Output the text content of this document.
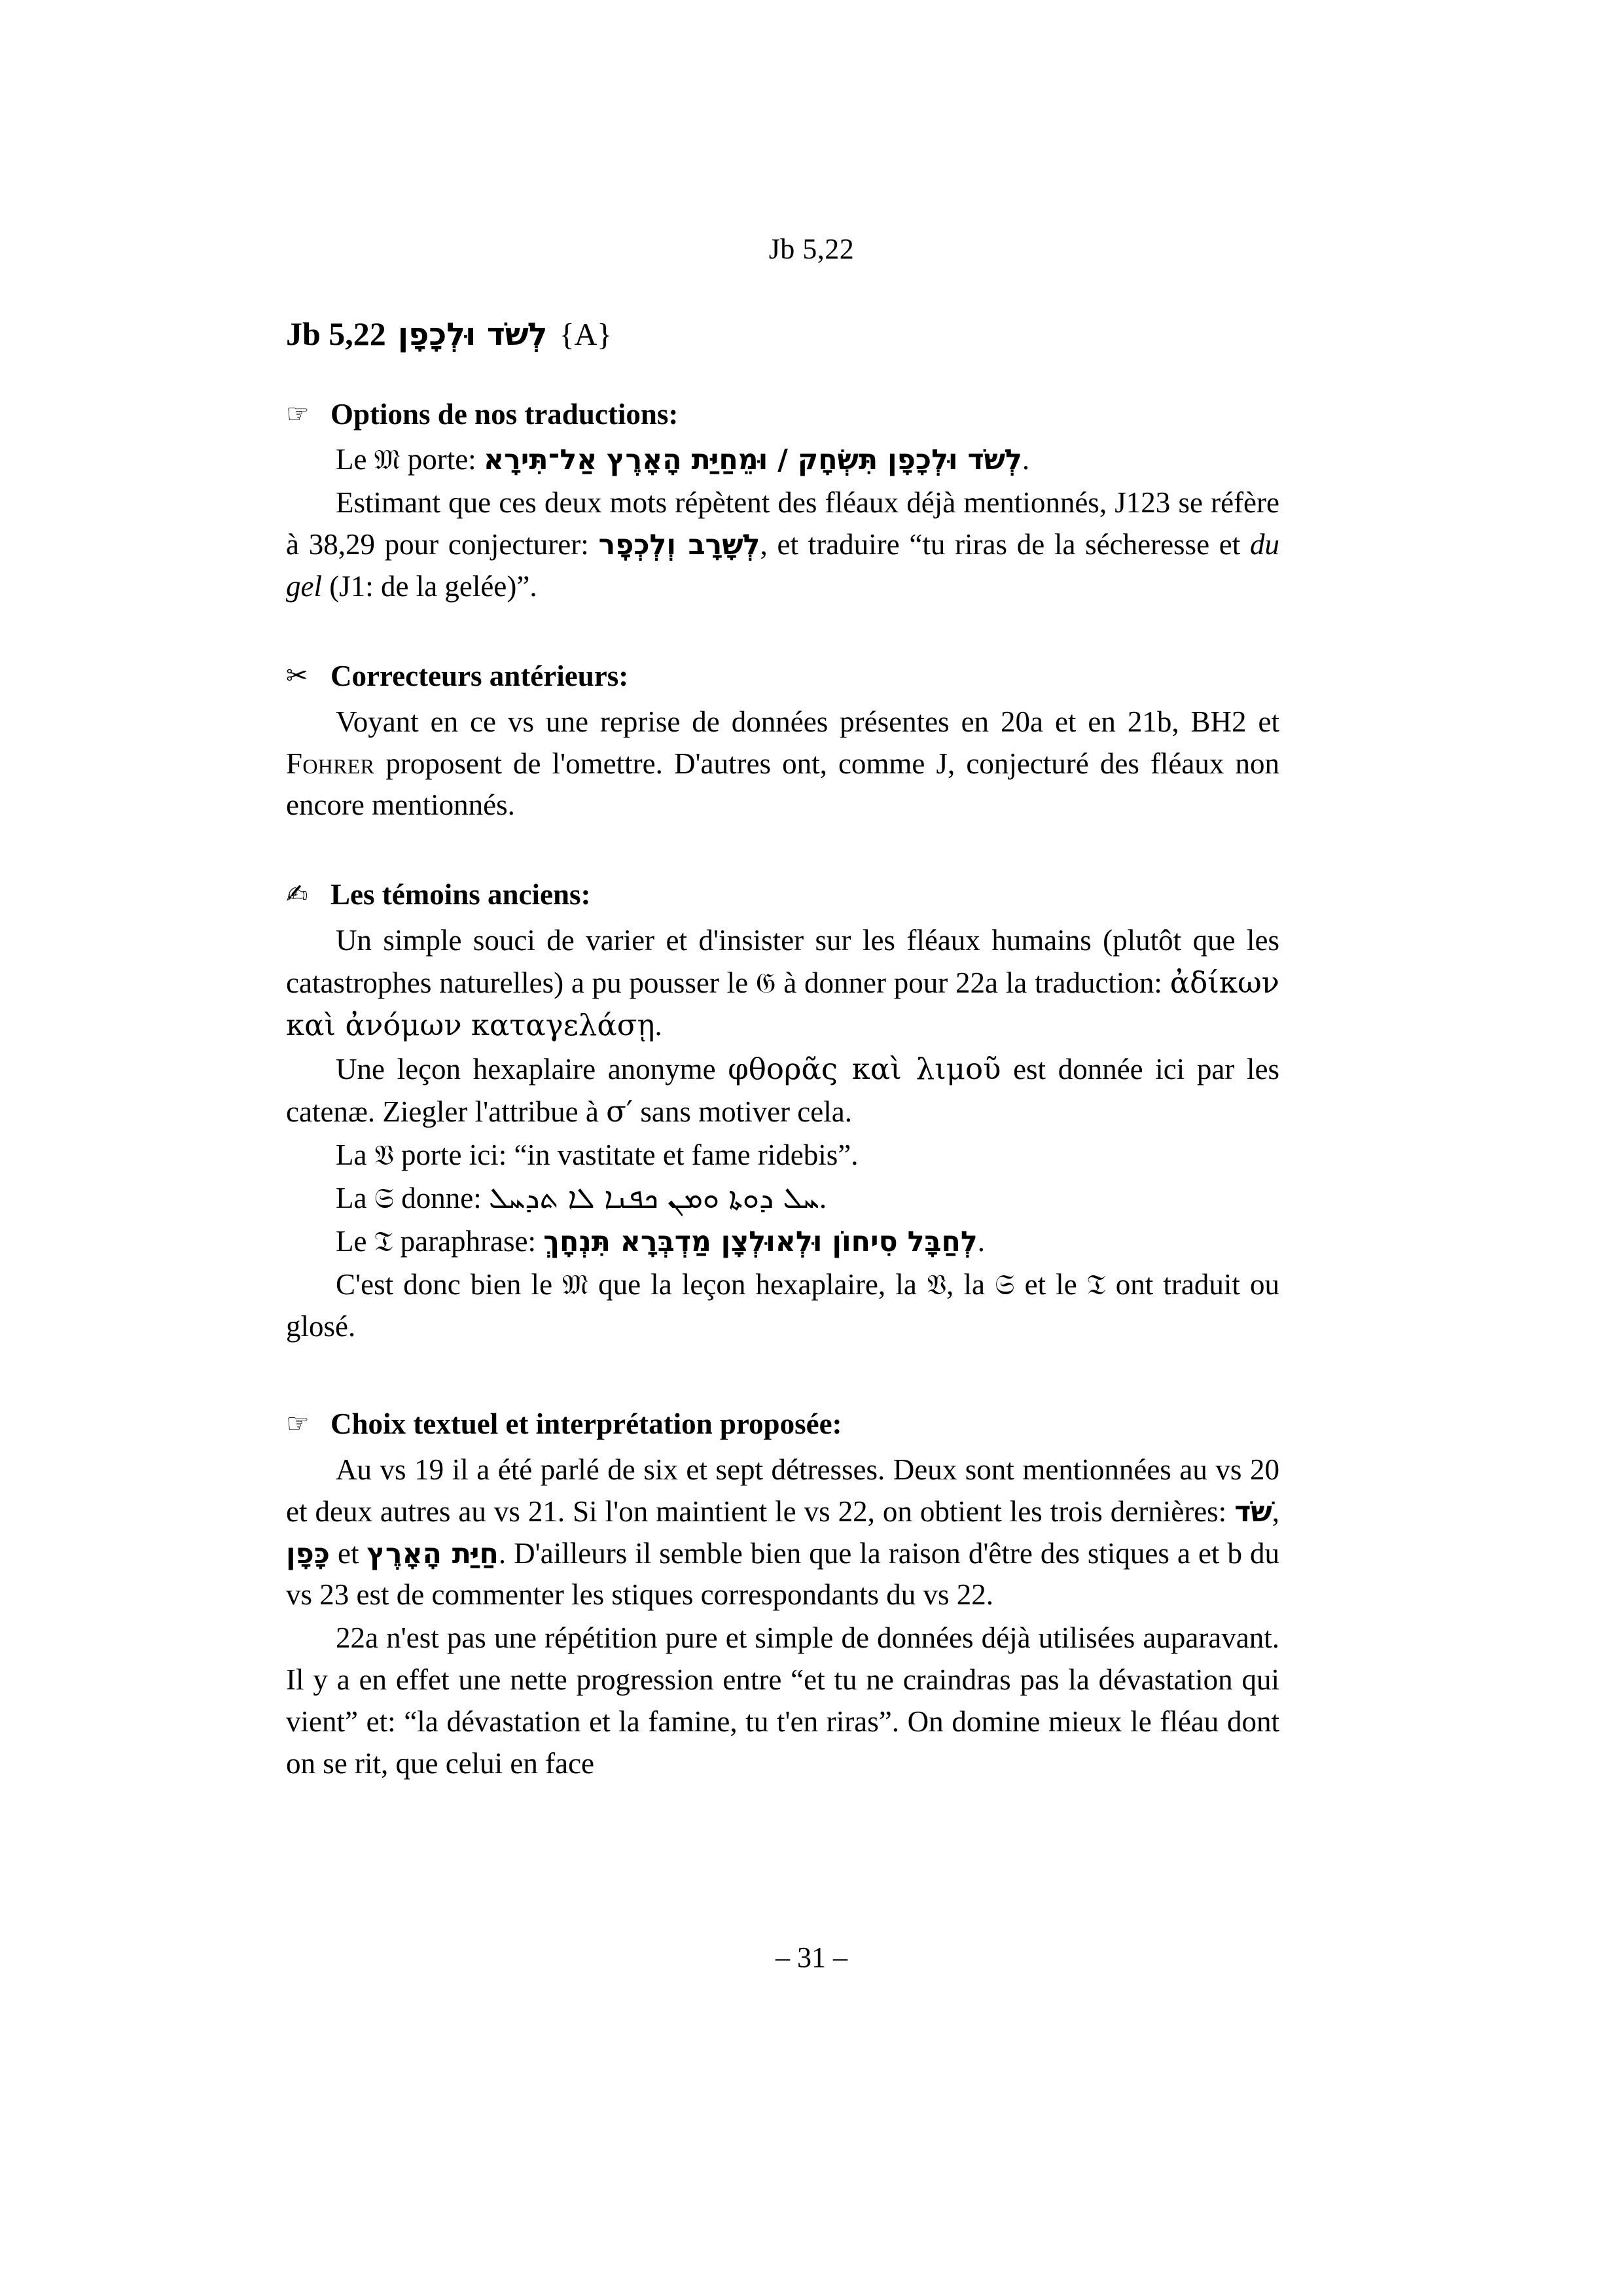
Jb 5,22
Jb 5,22 לְשֹׁד וּלְכָפָן {A}
☞ Options de nos traductions:

Le 𝔐 porte: לְשֹׁד וּלְכָפָן תִּשְׂחָק / וּמֵחַיַּת הָאָרֶץ אַל־תִּירָא.

Estimant que ces deux mots répètent des fléaux déjà mentionnés, J123 se réfère à 38,29 pour conjecturer: לְשָׁרָב וְלְכְפׇר, et traduire “tu riras de la sécheresse et du gel (J1: de la gelée)”.

✂ Correcteurs antérieurs:

Voyant en ce vs une reprise de données présentes en 20a et en 21b, BH2 et Fohrer proposent de l'omettre. D'autres ont, comme J, conjecturé des fléaux non encore mentionnés.

✍ Les témoins anciens:

Un simple souci de varier et d'insister sur les fléaux humains (plutôt que les catastrophes naturelles) a pu pousser le 𝔊 à donner pour 22a la traduction: ἀδίκων καὶ ἀνόμων καταγελάσῃ.

Une leçon hexaplaire anonyme φθορᾶς καὶ λιμοῦ est donnée ici par les catenæ. Ziegler l'attribue à σ′ sans motiver cela.

La 𝔙 porte ici: “in vastitate et fame ridebis”.

La 𝔖 donne: ܚܠ ܕܘܬܐ ܘܡܢ ܟܦܢܐ ܠܐ ܬܕܚܠ.

Le 𝔗 paraphrase: לְחַבָּל סִיחוֹן וּלְאוּלְצָן מַדְבְּרָא תִּנְחָךְ.

C'est donc bien le 𝔐 que la leçon hexaplaire, la 𝔙, la 𝔖 et le 𝔗 ont traduit ou glosé.

☞ Choix textuel et interprétation proposée:

Au vs 19 il a été parlé de six et sept détresses. Deux sont mentionnées au vs 20 et deux autres au vs 21. Si l'on maintient le vs 22, on obtient les trois dernières: שֹׁד, כָּפָן et חַיַּת הָאָרֶץ. D'ailleurs il semble bien que la raison d'être des stiques a et b du vs 23 est de commenter les stiques correspondants du vs 22.

22a n'est pas une répétition pure et simple de données déjà utilisées auparavant. Il y a en effet une nette progression entre “et tu ne craindras pas la dévastation qui vient” et: “la dévastation et la famine, tu t'en riras”. On domine mieux le fléau dont on se rit, que celui en face

– 31 –
